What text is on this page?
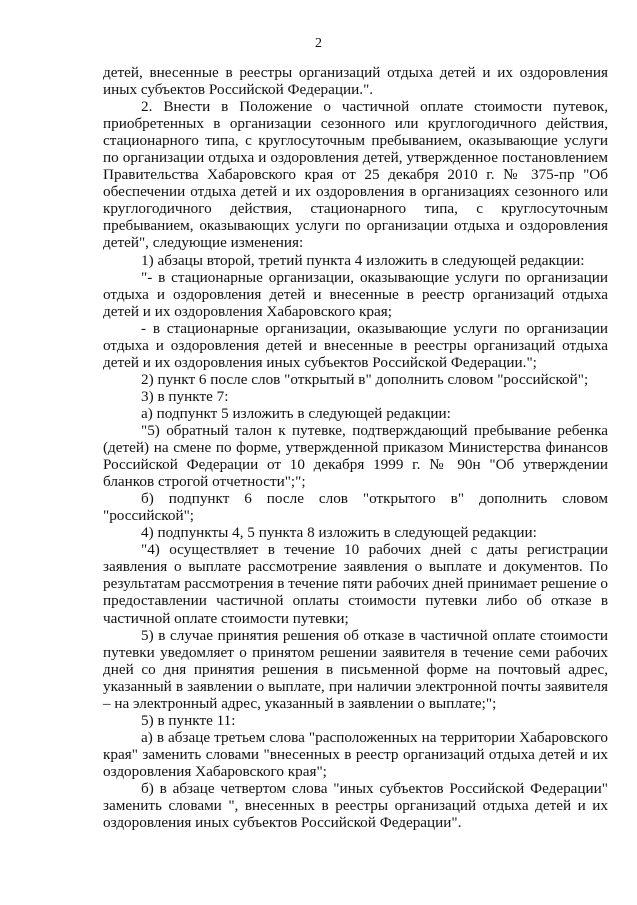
2

детей, внесенные в реестры организаций отдыха детей и их оздоровления иных субъектов Российской Федерации.".

2. Внести в Положение о частичной оплате стоимости путевок, приобретенных в организации сезонного или круглогодичного действия, стационарного типа, с круглосуточным пребыванием, оказывающие услуги по организации отдыха и оздоровления детей, утвержденное постановлением Правительства Хабаровского края от 25 декабря 2010 г. № 375-пр "Об обеспечении отдыха детей и их оздоровления в организациях сезонного или круглогодичного действия, стационарного типа, с круглосуточным пребыванием, оказывающих услуги по организации отдыха и оздоровления детей", следующие изменения:

1) абзацы второй, третий пункта 4 изложить в следующей редакции:

"- в стационарные организации, оказывающие услуги по организации отдыха и оздоровления детей и внесенные в реестр организаций отдыха детей и их оздоровления Хабаровского края;

- в стационарные организации, оказывающие услуги по организации отдыха и оздоровления детей и внесенные в реестры организаций отдыха детей и их оздоровления иных субъектов Российской Федерации.";

2) пункт 6 после слов "открытый в" дополнить словом "российской";

3) в пункте 7:

а) подпункт 5 изложить в следующей редакции:

"5) обратный талон к путевке, подтверждающий пребывание ребенка (детей) на смене по форме, утвержденной приказом Министерства финансов Российской Федерации от 10 декабря 1999 г. № 90н "Об утверждении бланков строгой отчетности";";

б) подпункт 6 после слов "открытого в" дополнить словом "российской";

4) подпункты 4, 5 пункта 8 изложить в следующей редакции:

"4) осуществляет в течение 10 рабочих дней с даты регистрации заявления о выплате рассмотрение заявления о выплате и документов. По результатам рассмотрения в течение пяти рабочих дней принимает решение о предоставлении частичной оплаты стоимости путевки либо об отказе в частичной оплате стоимости путевки;

5) в случае принятия решения об отказе в частичной оплате стоимости путевки уведомляет о принятом решении заявителя в течение семи рабочих дней со дня принятия решения в письменной форме на почтовый адрес, указанный в заявлении о выплате, при наличии электронной почты заявителя – на электронный адрес, указанный в заявлении о выплате;";

5) в пункте 11:

а) в абзаце третьем слова "расположенных на территории Хабаровского края" заменить словами "внесенных в реестр организаций отдыха детей и их оздоровления Хабаровского края";

б) в абзаце четвертом слова "иных субъектов Российской Федерации" заменить словами ", внесенных в реестры организаций отдыха детей и их оздоровления иных субъектов Российской Федерации".
